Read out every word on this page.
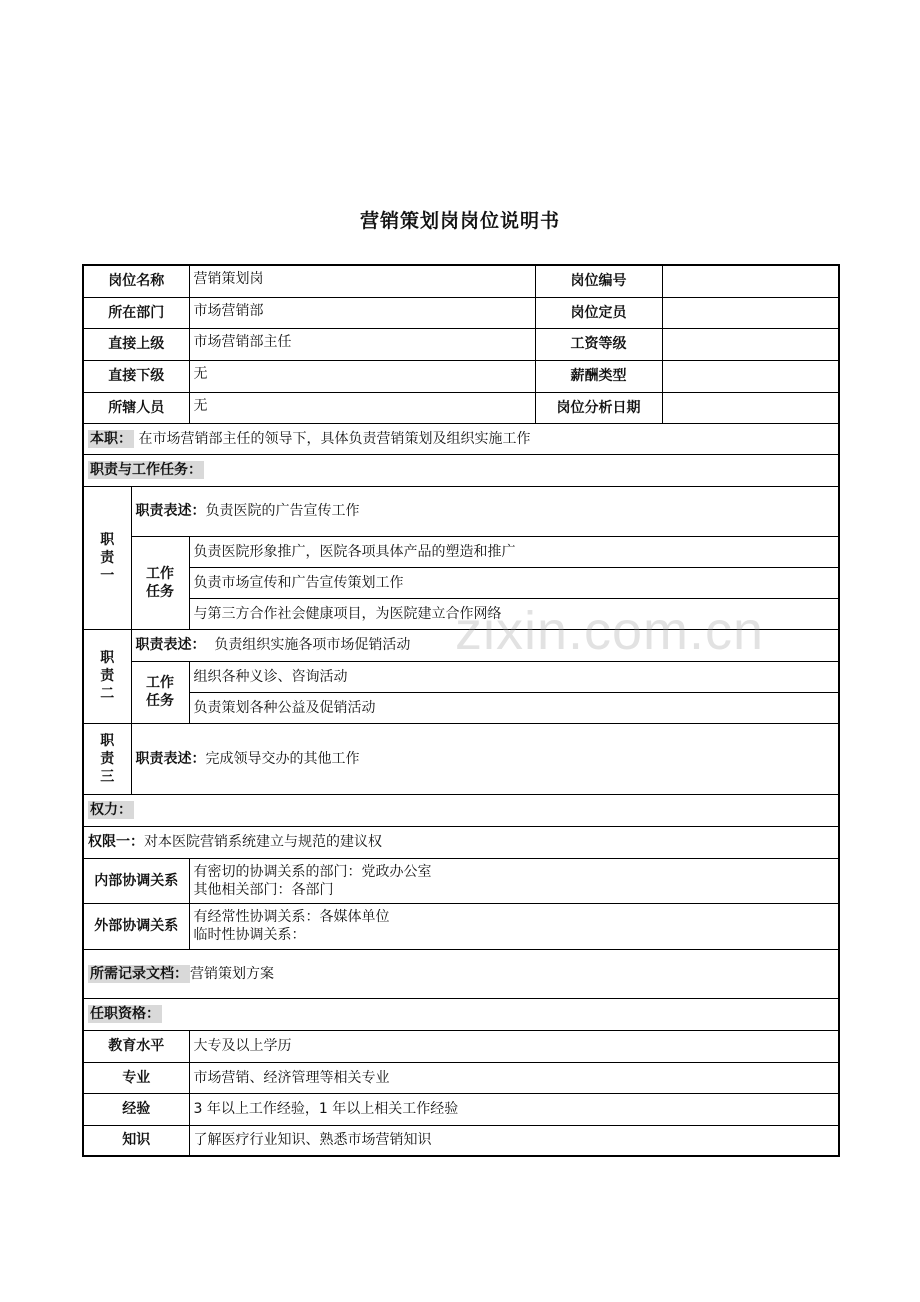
营销策划岗岗位说明书
zixin.com.cn
岗位名称		营销策划岗	岗位编号	
所在部门		市场营销部	岗位定员	
直接上级		市场营销部主任	工资等级	
直接下级		无	薪酬类型	
所辖人员		无	岗位分析日期	
本职： 在市场营销部主任的领导下，具体负责营销策划及组织实施工作				
职责与工作任务：				
职
责
一	职责表述：负责医院的广告宣传工作			
	工作
任务	负责医院形象推广，医院各项具体产品的塑造和推广		
		负责市场宣传和广告宣传策划工作		
		与第三方合作社会健康项目，为医院建立合作网络		
职
责
二	职责表述：  负责组织实施各项市场促销活动			
	工作
任务	组织各种义诊、咨询活动		
		负责策划各种公益及促销活动		
职
责
三	职责表述：完成领导交办的其他工作			
权力：				
权限一：对本医院营销系统建立与规范的建议权				
内部协调关系		有密切的协调关系的部门：党政办公室
其他相关部门：各部门		
外部协调关系		有经常性协调关系：各媒体单位
临时性协调关系：		
所需记录文档： 营销策划方案				
任职资格：				
教育水平		大专及以上学历		
专业		市场营销、经济管理等相关专业		
经验		3 年以上工作经验，1 年以上相关工作经验		
知识		了解医疗行业知识、熟悉市场营销知识		
